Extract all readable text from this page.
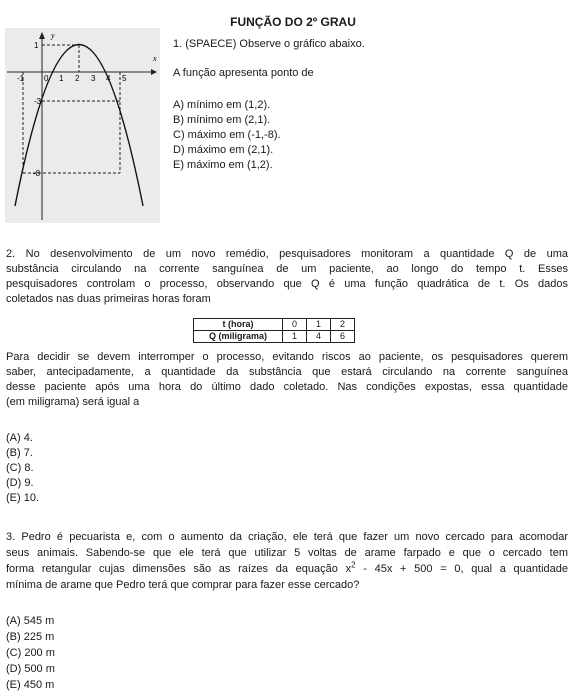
FUNÇÃO DO 2º GRAU
y
x
1
-3
-8
-1 0 1 2 3 4 5
1. (SPAECE) Observe o gráfico abaixo.
A função apresenta ponto de
A) mínimo em (1,2).
B) mínimo em (2,1).
C) máximo em (-1,-8).
D) máximo em (2,1).
E) máximo em (1,2).
2. No desenvolvimento de um novo remédio, pesquisadores monitoram a quantidade Q de uma
substância circulando na corrente sanguínea de um paciente, ao longo do tempo t. Esses
pesquisadores controlam o processo, observando que Q é uma função quadrática de t. Os dados
coletados nas duas primeiras horas foram
t (hora)	0	1	2
Q (miligrama)	1	4	6
Para decidir se devem interromper o processo, evitando riscos ao paciente, os pesquisadores querem
saber, antecipadamente, a quantidade da substância que estará circulando na corrente sanguínea
desse paciente após uma hora do último dado coletado. Nas condições expostas, essa quantidade
(em miligrama) será igual a
(A) 4.
(B) 7.
(C) 8.
(D) 9.
(E) 10.
3. Pedro é pecuarista e, com o aumento da criação, ele terá que fazer um novo cercado para acomodar
seus animais. Sabendo-se que ele terá que utilizar 5 voltas de arame farpado e que o cercado tem
forma retangular cujas dimensões são as raízes da equação $x^2 - 45x + 500 = 0$, qual a quantidade
mínima de arame que Pedro terá que comprar para fazer esse cercado?
(A) 545 m
(B) 225 m
(C) 200 m
(D) 500 m
(E) 450 m
